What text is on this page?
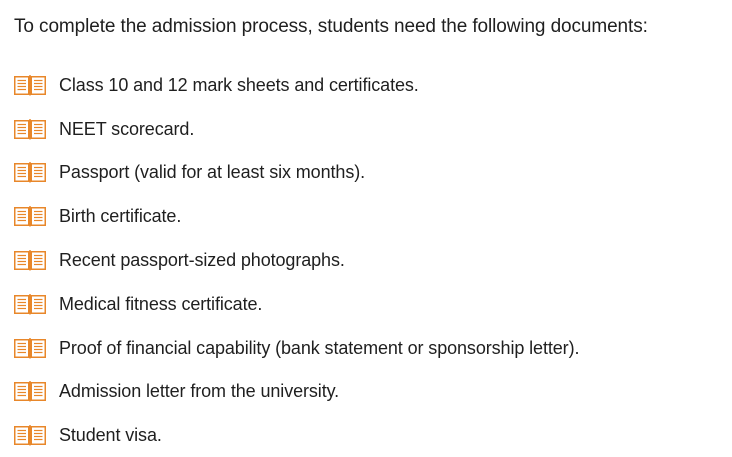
To complete the admission process, students need the following documents:

Class 10 and 12 mark sheets and certificates.
NEET scorecard.
Passport (valid for at least six months).
Birth certificate.
Recent passport-sized photographs.
Medical fitness certificate.
Proof of financial capability (bank statement or sponsorship letter).
Admission letter from the university.
Student visa.
